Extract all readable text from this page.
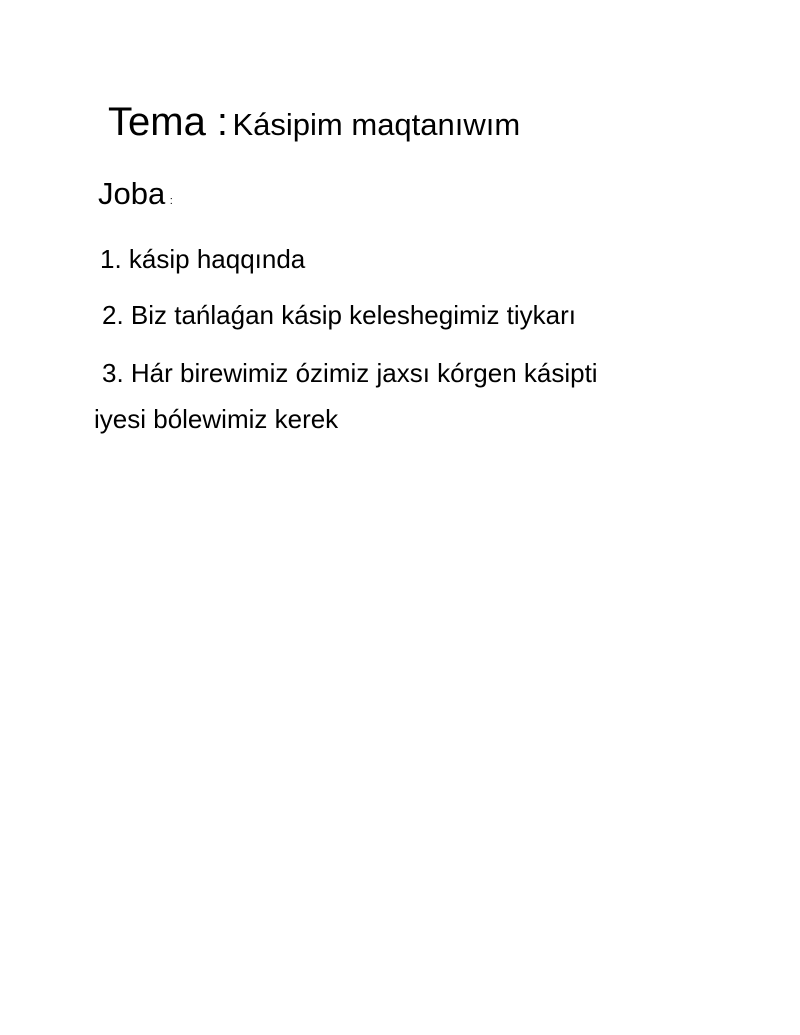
Tema : Kásipim maqtanıwım
Joba :
1. kásip haqqında
2. Biz tańlaǵan kásip keleshegimiz tiykarı
3. Hár birewimiz ózimiz jaxsı kórgen kásipti
iyesi bólewimiz kerek
